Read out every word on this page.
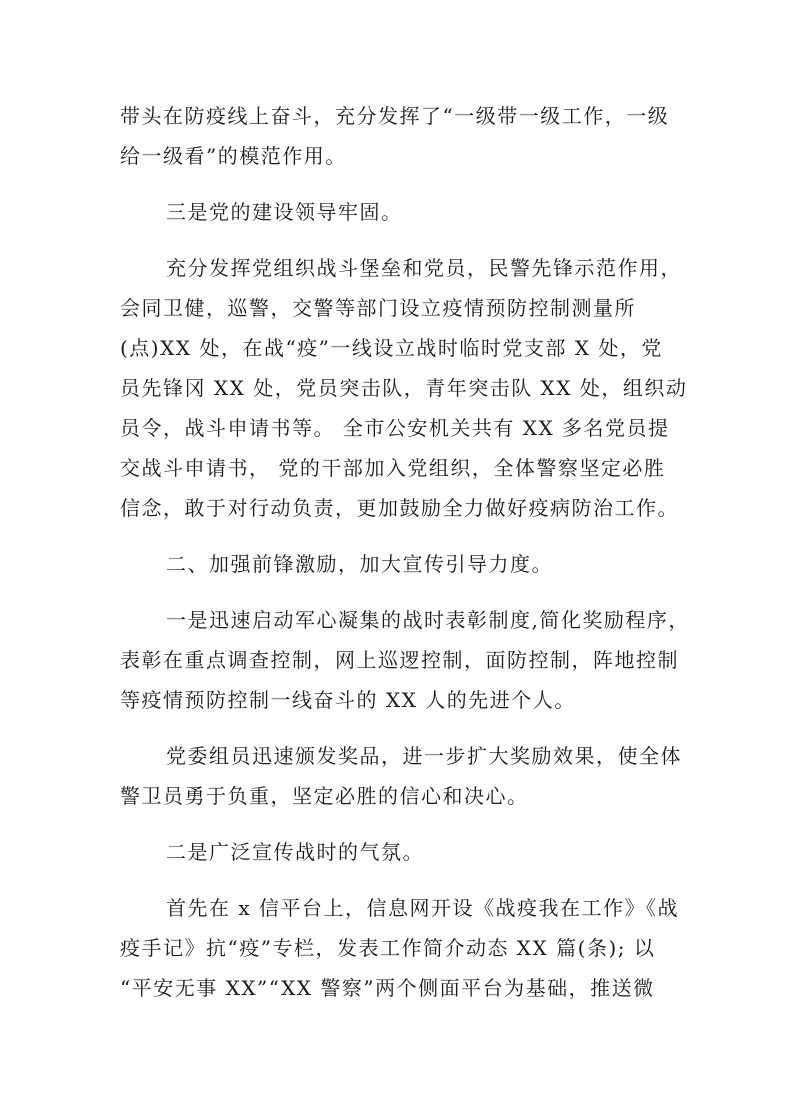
带头在防疫线上奋斗，充分发挥了“一级带一级工作，一级
给一级看”的模范作用。

三是党的建设领导牢固。

充分发挥党组织战斗堡垒和党员，民警先锋示范作用，
会同卫健，巡警，交警等部门设立疫情预防控制测量所
(点)XX 处，在战“疫”一线设立战时临时党支部 X 处，党
员先锋冈 XX 处，党员突击队，青年突击队 XX 处，组织动
员令，战斗申请书等。 全市公安机关共有 XX 多名党员提
交战斗申请书， 党的干部加入党组织，全体警察坚定必胜
信念，敢于对行动负责，更加鼓励全力做好疫病防治工作。

二、加强前锋激励，加大宣传引导力度。

一是迅速启动军心凝集的战时表彰制度,简化奖励程序，
表彰在重点调查控制，网上巡逻控制，面防控制，阵地控制
等疫情预防控制一线奋斗的 XX 人的先进个人。

党委组员迅速颁发奖品，进一步扩大奖励效果，使全体
警卫员勇于负重，坚定必胜的信心和决心。

二是广泛宣传战时的气氛。

首先在 x 信平台上，信息网开设《战疫我在工作》《战
疫手记》抗“疫”专栏，发表工作简介动态 XX 篇(条); 以
“平安无事 XX”“XX 警察”两个侧面平台为基础，推送微
